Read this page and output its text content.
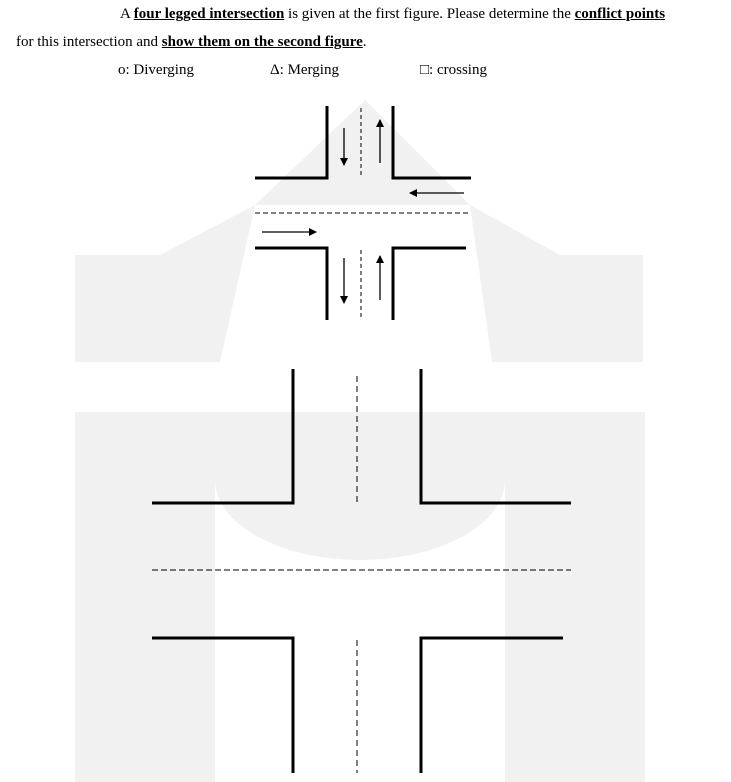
A four legged intersection is given at the first figure. Please determine the conflict points
for this intersection and show them on the second figure.
o: Diverging	Δ: Merging	□: crossing
